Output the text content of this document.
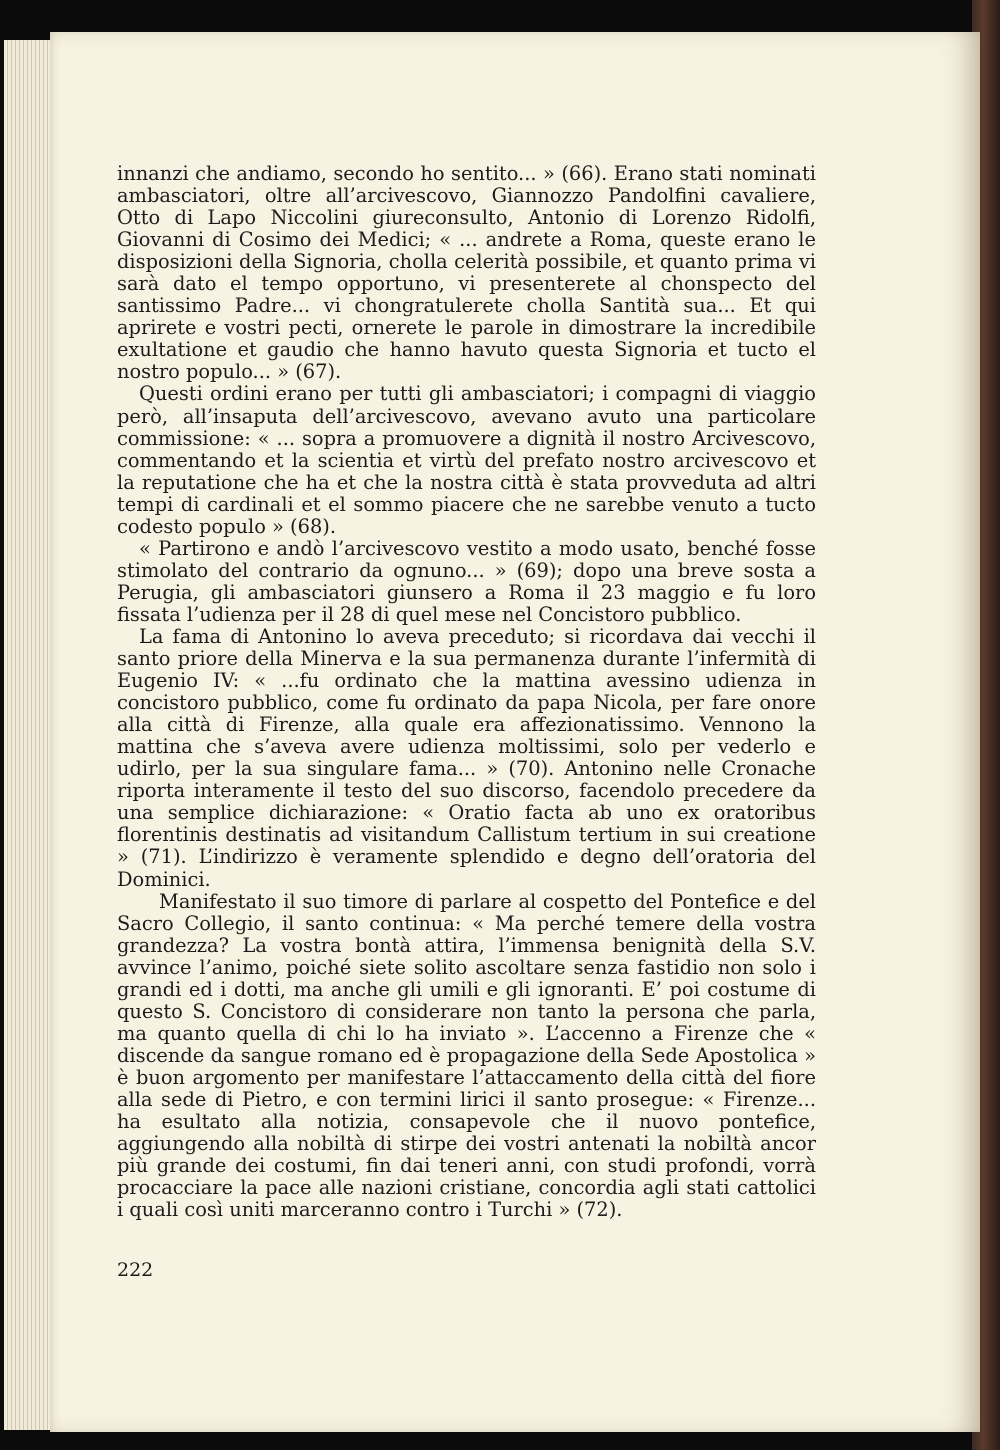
innanzi che andiamo, secondo ho sentito... » (66). Erano stati nominati ambasciatori, oltre all’arcivescovo, Giannozzo Pandolfini cavaliere, Otto di Lapo Niccolini giureconsulto, Antonio di Lorenzo Ridolfi, Giovanni di Cosimo dei Medici; « ... andrete a Roma, queste erano le disposizioni della Signoria, cholla celerità possibile, et quanto prima vi sarà dato el tempo opportuno, vi presenterete al chonspecto del santissimo Padre... vi chongratulerete cholla Santità sua... Et qui aprirete e vostri pecti, ornerete le parole in dimostrare la incredibile exultatione et gaudio che hanno havuto questa Signoria et tucto el nostro populo... » (67).

Questi ordini erano per tutti gli ambasciatori; i compagni di viaggio però, all’insaputa dell’arcivescovo, avevano avuto una particolare commissione: « ... sopra a promuovere a dignità il nostro Arcivescovo, commentando et la scientia et virtù del prefato nostro arcivescovo et la reputatione che ha et che la nostra città è stata provveduta ad altri tempi di cardinali et el sommo piacere che ne sarebbe venuto a tucto codesto populo » (68).

« Partirono e andò l’arcivescovo vestito a modo usato, benché fosse stimolato del contrario da ognuno... » (69); dopo una breve sosta a Perugia, gli ambasciatori giunsero a Roma il 23 maggio e fu loro fissata l’udienza per il 28 di quel mese nel Concistoro pubblico.

La fama di Antonino lo aveva preceduto; si ricordava dai vecchi il santo priore della Minerva e la sua permanenza durante l’infermità di Eugenio IV: « ...fu ordinato che la mattina avessino udienza in concistoro pubblico, come fu ordinato da papa Nicola, per fare onore alla città di Firenze, alla quale era affezionatissimo. Vennono la mattina che s’aveva avere udienza moltissimi, solo per vederlo e udirlo, per la sua singulare fama... » (70). Antonino nelle Cronache riporta interamente il testo del suo discorso, facendolo precedere da una semplice dichiarazione: « Oratio facta ab uno ex oratoribus florentinis destinatis ad visitandum Callistum tertium in sui creatione » (71). L’indirizzo è veramente splendido e degno dell’oratoria del Dominici.

Manifestato il suo timore di parlare al cospetto del Pontefice e del Sacro Collegio, il santo continua: « Ma perché temere della vostra grandezza? La vostra bontà attira, l’immensa benignità della S.V. avvince l’animo, poiché siete solito ascoltare senza fastidio non solo i grandi ed i dotti, ma anche gli umili e gli ignoranti. E’ poi costume di questo S. Concistoro di considerare non tanto la persona che parla, ma quanto quella di chi lo ha inviato ». L’accenno a Firenze che « discende da sangue romano ed è propagazione della Sede Apostolica » è buon argomento per manifestare l’attaccamento della città del fiore alla sede di Pietro, e con termini lirici il santo prosegue: « Firenze... ha esultato alla notizia, consapevole che il nuovo pontefice, aggiungendo alla nobiltà di stirpe dei vostri antenati la nobiltà ancor più grande dei costumi, fin dai teneri anni, con studi profondi, vorrà procacciare la pace alle nazioni cristiane, concordia agli stati cattolici i quali così uniti marceranno contro i Turchi » (72).

222
